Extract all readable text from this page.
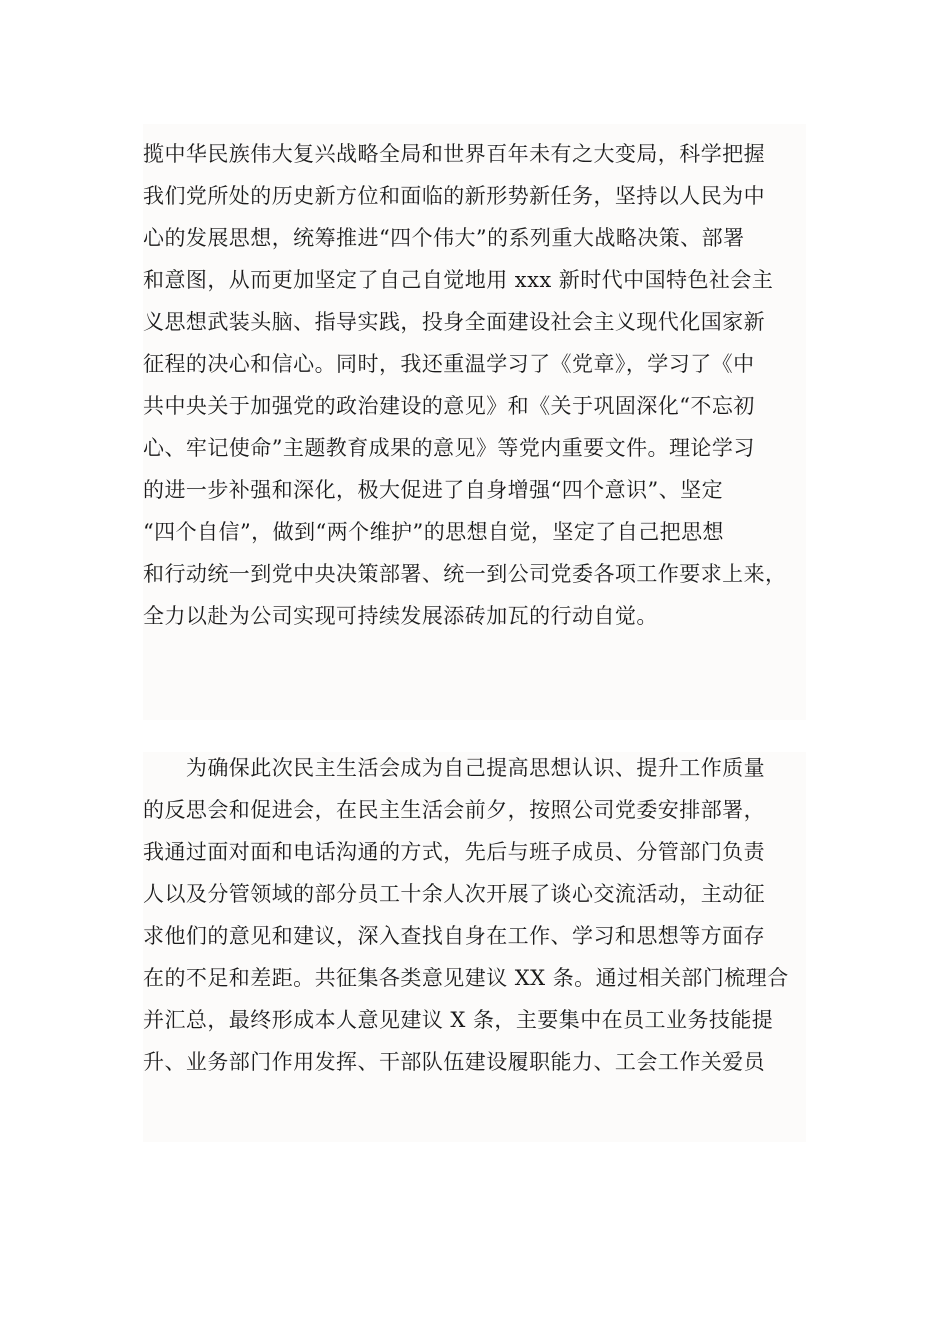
揽中华民族伟大复兴战略全局和世界百年未有之大变局，科学把握
我们党所处的历史新方位和面临的新形势新任务，坚持以人民为中
心的发展思想，统筹推进“四个伟大”的系列重大战略决策、部署
和意图，从而更加坚定了自己自觉地用 xxx 新时代中国特色社会主
义思想武装头脑、指导实践，投身全面建设社会主义现代化国家新
征程的决心和信心。同时，我还重温学习了《党章》，学习了《中
共中央关于加强党的政治建设的意见》和《关于巩固深化“不忘初
心、牢记使命”主题教育成果的意见》等党内重要文件。理论学习
的进一步补强和深化，极大促进了自身增强“四个意识”、坚定
“四个自信”，做到“两个维护”的思想自觉，坚定了自己把思想
和行动统一到党中央决策部署、统一到公司党委各项工作要求上来，
全力以赴为公司实现可持续发展添砖加瓦的行动自觉。
　　为确保此次民主生活会成为自己提高思想认识、提升工作质量
的反思会和促进会，在民主生活会前夕，按照公司党委安排部署，
我通过面对面和电话沟通的方式，先后与班子成员、分管部门负责
人以及分管领域的部分员工十余人次开展了谈心交流活动，主动征
求他们的意见和建议，深入查找自身在工作、学习和思想等方面存
在的不足和差距。共征集各类意见建议 XX 条。通过相关部门梳理合
并汇总，最终形成本人意见建议 X 条，主要集中在员工业务技能提
升、业务部门作用发挥、干部队伍建设履职能力、工会工作关爱员
